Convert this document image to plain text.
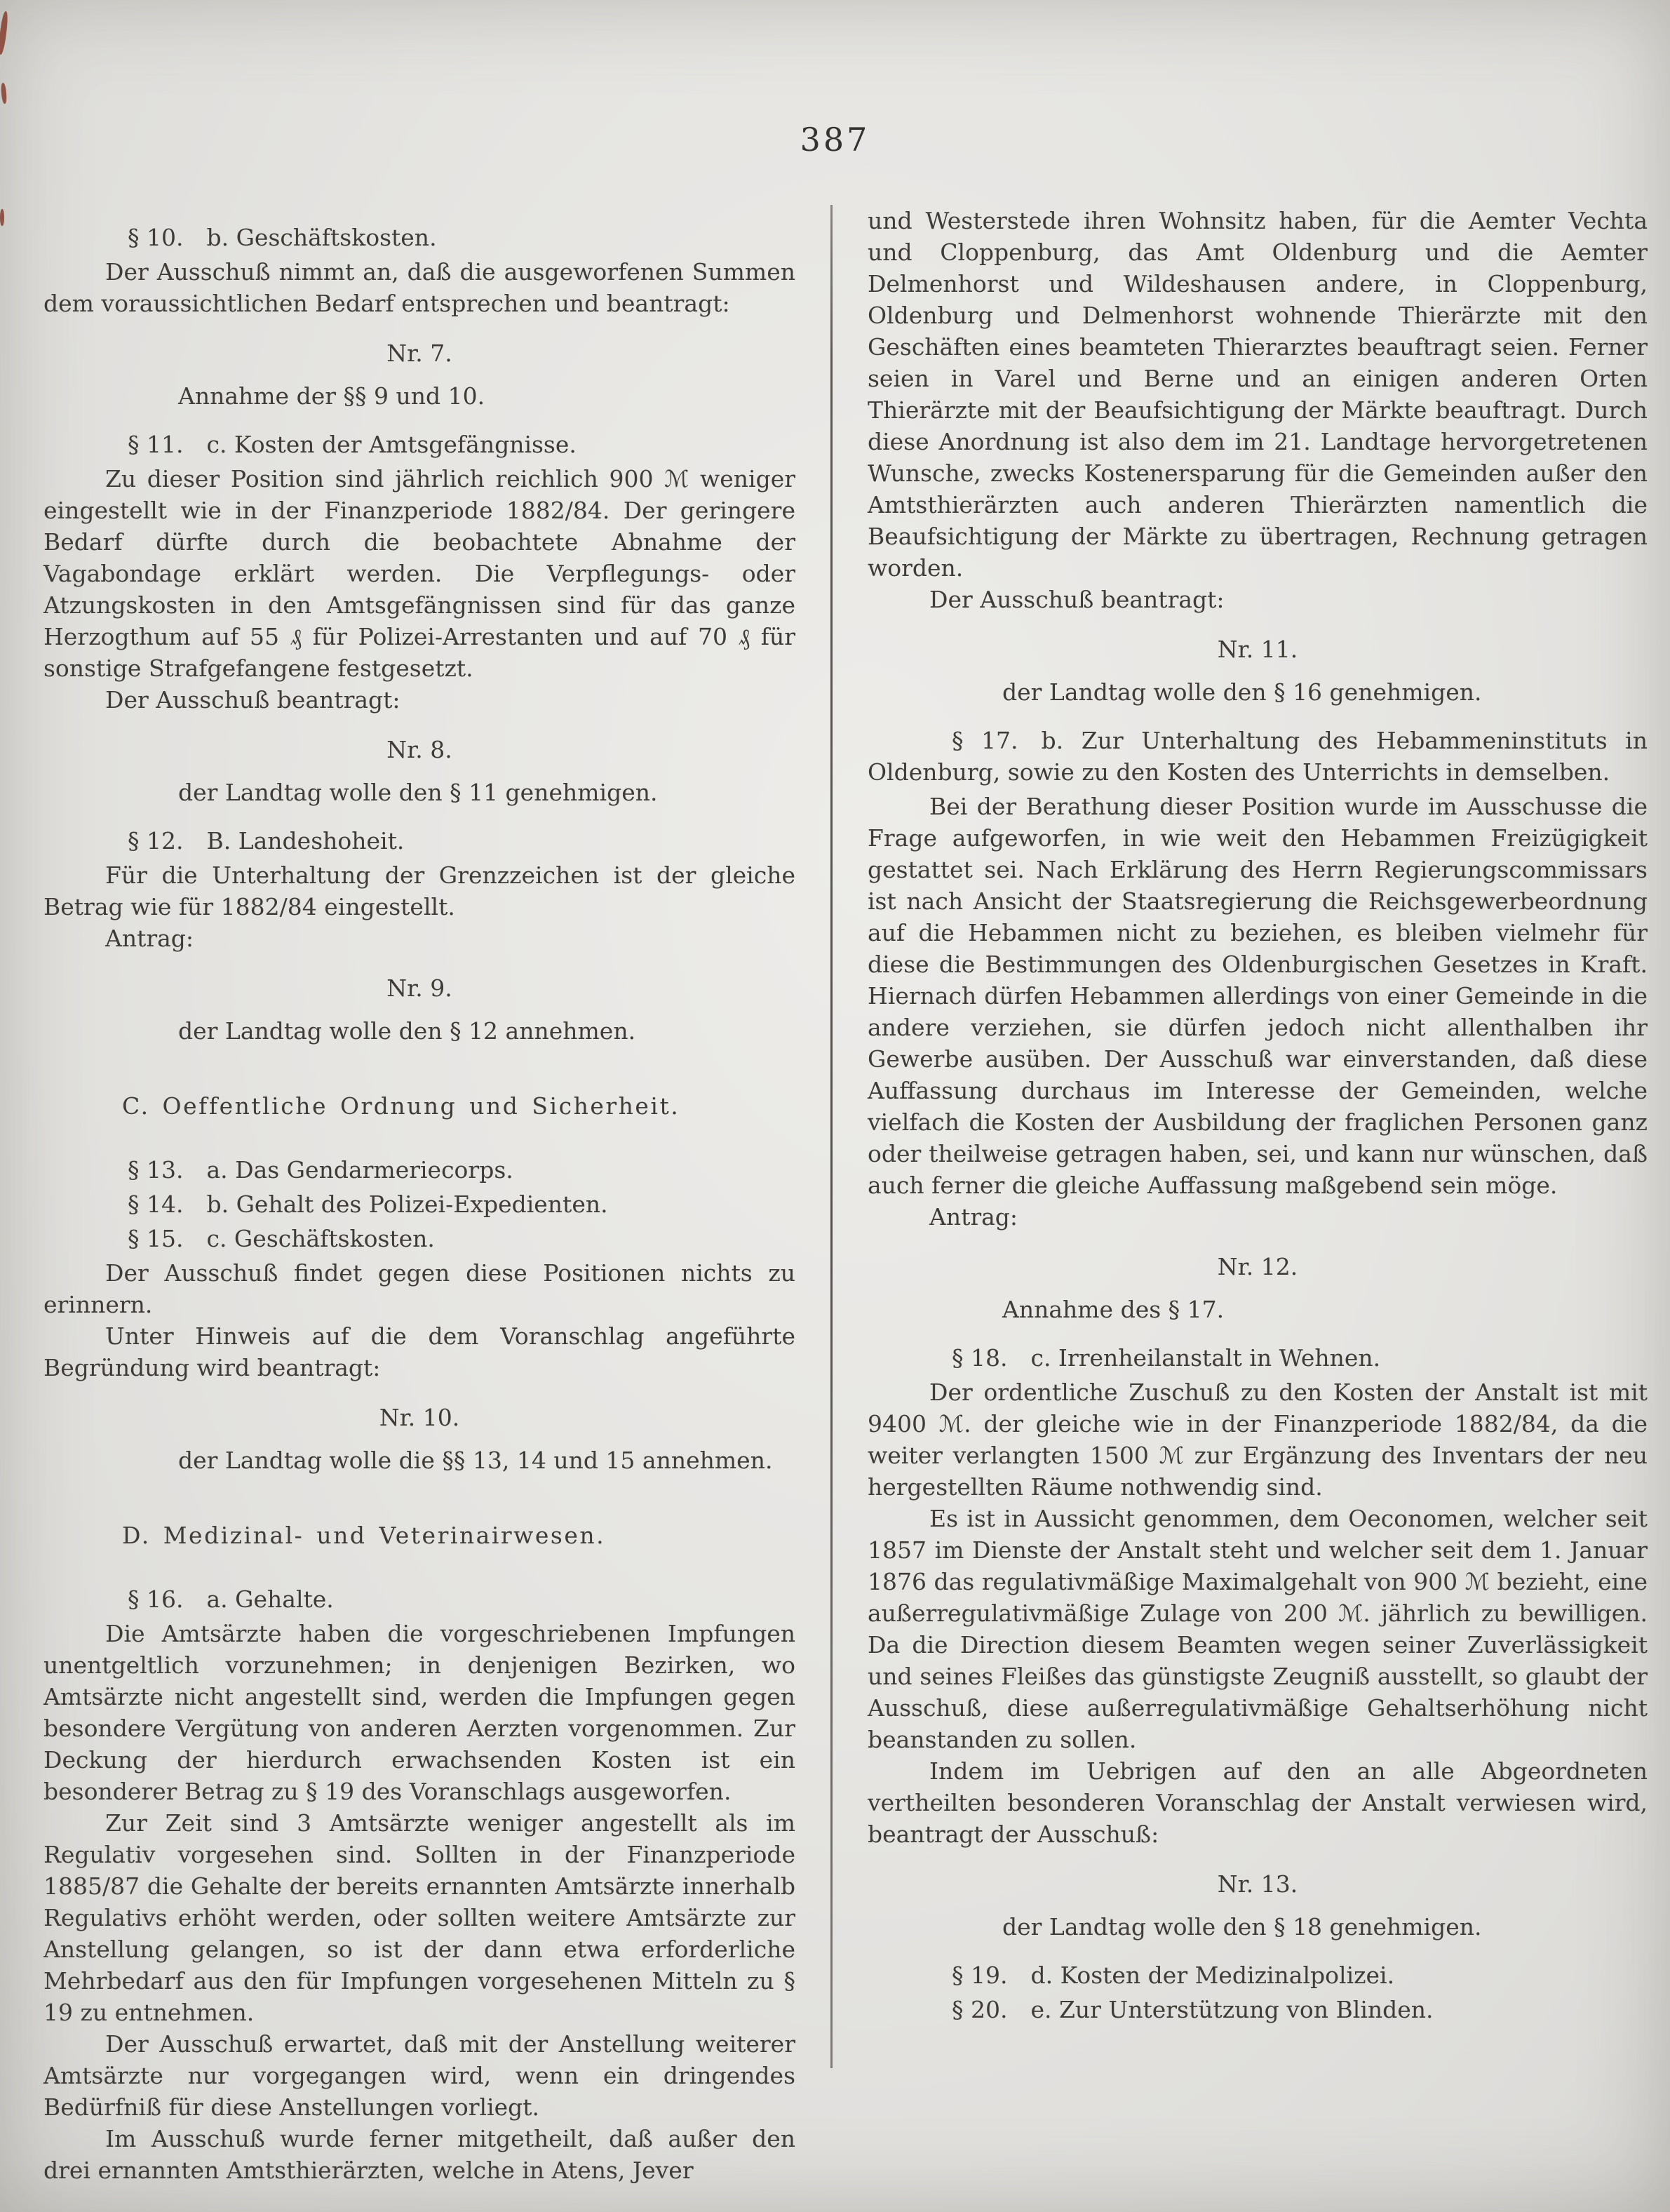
387
§ 10. b. Geschäftskosten.
Der Ausschuß nimmt an, daß die ausgeworfenen Summen dem voraussichtlichen Bedarf entsprechen und beantragt:
Nr. 7.
Annahme der §§ 9 und 10.
§ 11. c. Kosten der Amtsgefängnisse.
Zu dieser Position sind jährlich reichlich 900 ℳ weniger eingestellt wie in der Finanzperiode 1882/84. Der geringere Bedarf dürfte durch die beobachtete Abnahme der Vagabondage erklärt werden. Die Verpflegungs- oder Atzungskosten in den Amtsgefängnissen sind für das ganze Herzogthum auf 55 ₰ für Polizei-Arrestanten und auf 70 ₰ für sonstige Strafgefangene festgesetzt.
Der Ausschuß beantragt:
Nr. 8.
der Landtag wolle den § 11 genehmigen.
§ 12. B. Landeshoheit.
Für die Unterhaltung der Grenzzeichen ist der gleiche Betrag wie für 1882/84 eingestellt.
Antrag:
Nr. 9.
der Landtag wolle den § 12 annehmen.
C. Oeffentliche Ordnung und Sicherheit.
§ 13. a. Das Gendarmeriecorps.
§ 14. b. Gehalt des Polizei-Expedienten.
§ 15. c. Geschäftskosten.
Der Ausschuß findet gegen diese Positionen nichts zu erinnern.
Unter Hinweis auf die dem Voranschlag angeführte Begründung wird beantragt:
Nr. 10.
der Landtag wolle die §§ 13, 14 und 15 annehmen.
D. Medizinal- und Veterinairwesen.
§ 16. a. Gehalte.
Die Amtsärzte haben die vorgeschriebenen Impfungen unentgeltlich vorzunehmen; in denjenigen Bezirken, wo Amtsärzte nicht angestellt sind, werden die Impfungen gegen besondere Vergütung von anderen Aerzten vorgenommen. Zur Deckung der hierdurch erwachsenden Kosten ist ein besonderer Betrag zu § 19 des Voranschlags ausgeworfen.
Zur Zeit sind 3 Amtsärzte weniger angestellt als im Regulativ vorgesehen sind. Sollten in der Finanzperiode 1885/87 die Gehalte der bereits ernannten Amtsärzte innerhalb Regulativs erhöht werden, oder sollten weitere Amtsärzte zur Anstellung gelangen, so ist der dann etwa erforderliche Mehrbedarf aus den für Impfungen vorgesehenen Mitteln zu § 19 zu entnehmen.
Der Ausschuß erwartet, daß mit der Anstellung weiterer Amtsärzte nur vorgegangen wird, wenn ein dringendes Bedürfniß für diese Anstellungen vorliegt.
Im Ausschuß wurde ferner mitgetheilt, daß außer den drei ernannten Amtsthierärzten, welche in Atens, Jever
und Westerstede ihren Wohnsitz haben, für die Aemter Vechta und Cloppenburg, das Amt Oldenburg und die Aemter Delmenhorst und Wildeshausen andere, in Cloppenburg, Oldenburg und Delmenhorst wohnende Thierärzte mit den Geschäften eines beamteten Thierarztes beauftragt seien. Ferner seien in Varel und Berne und an einigen anderen Orten Thierärzte mit der Beaufsichtigung der Märkte beauftragt. Durch diese Anordnung ist also dem im 21. Landtage hervorgetretenen Wunsche, zwecks Kostenersparung für die Gemeinden außer den Amtsthierärzten auch anderen Thierärzten namentlich die Beaufsichtigung der Märkte zu übertragen, Rechnung getragen worden.
Der Ausschuß beantragt:
Nr. 11.
der Landtag wolle den § 16 genehmigen.
§ 17. b. Zur Unterhaltung des Hebammeninstituts in Oldenburg, sowie zu den Kosten des Unterrichts in demselben.
Bei der Berathung dieser Position wurde im Ausschusse die Frage aufgeworfen, in wie weit den Hebammen Freizügigkeit gestattet sei. Nach Erklärung des Herrn Regierungscommissars ist nach Ansicht der Staatsregierung die Reichsgewerbeordnung auf die Hebammen nicht zu beziehen, es bleiben vielmehr für diese die Bestimmungen des Oldenburgischen Gesetzes in Kraft. Hiernach dürfen Hebammen allerdings von einer Gemeinde in die andere verziehen, sie dürfen jedoch nicht allenthalben ihr Gewerbe ausüben. Der Ausschuß war einverstanden, daß diese Auffassung durchaus im Interesse der Gemeinden, welche vielfach die Kosten der Ausbildung der fraglichen Personen ganz oder theilweise getragen haben, sei, und kann nur wünschen, daß auch ferner die gleiche Auffassung maßgebend sein möge.
Antrag:
Nr. 12.
Annahme des § 17.
§ 18. c. Irrenheilanstalt in Wehnen.
Der ordentliche Zuschuß zu den Kosten der Anstalt ist mit 9400 ℳ. der gleiche wie in der Finanzperiode 1882/84, da die weiter verlangten 1500 ℳ zur Ergänzung des Inventars der neu hergestellten Räume nothwendig sind.
Es ist in Aussicht genommen, dem Oeconomen, welcher seit 1857 im Dienste der Anstalt steht und welcher seit dem 1. Januar 1876 das regulativmäßige Maximalgehalt von 900 ℳ bezieht, eine außerregulativmäßige Zulage von 200 ℳ. jährlich zu bewilligen. Da die Direction diesem Beamten wegen seiner Zuverlässigkeit und seines Fleißes das günstigste Zeugniß ausstellt, so glaubt der Ausschuß, diese außerregulativmäßige Gehaltserhöhung nicht beanstanden zu sollen.
Indem im Uebrigen auf den an alle Abgeordneten vertheilten besonderen Voranschlag der Anstalt verwiesen wird, beantragt der Ausschuß:
Nr. 13.
der Landtag wolle den § 18 genehmigen.
§ 19. d. Kosten der Medizinalpolizei.
§ 20. e. Zur Unterstützung von Blinden.
